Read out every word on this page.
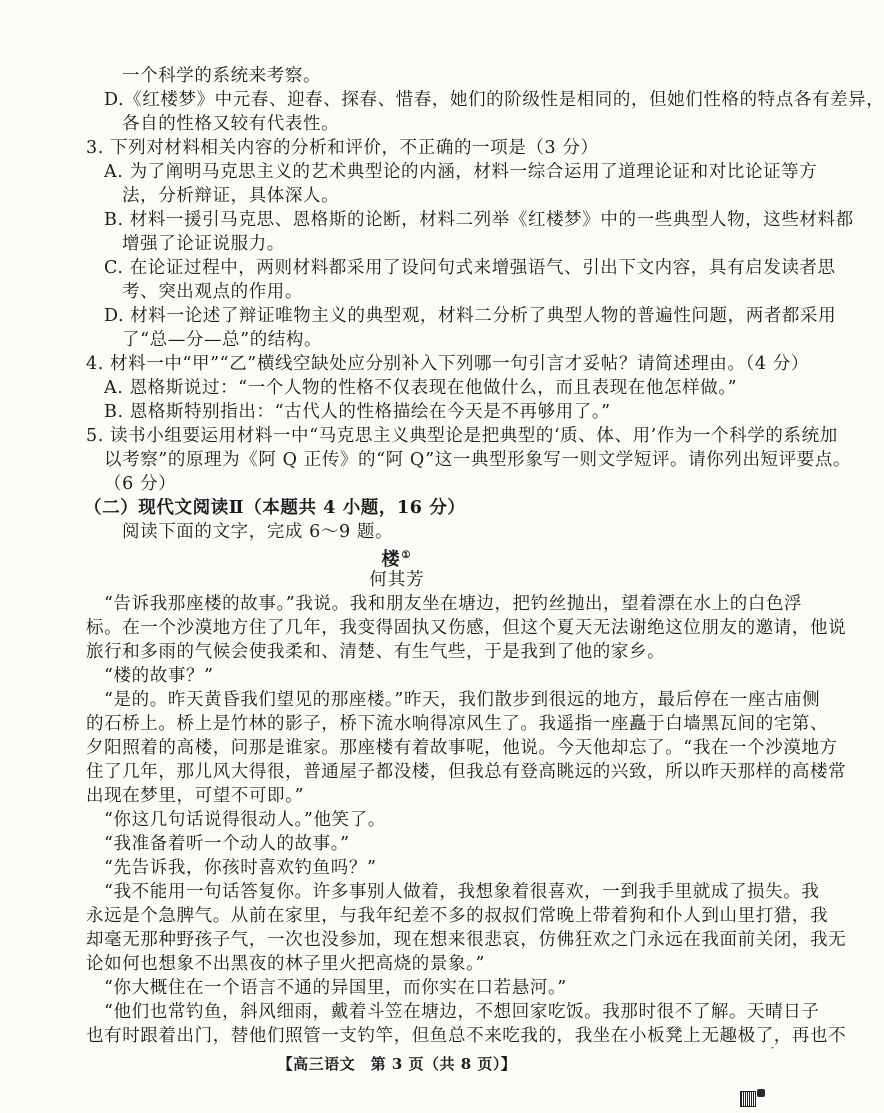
一个科学的系统来考察。
D.《红楼梦》中元春、迎春、探春、惜春，她们的阶级性是相同的，但她们性格的特点各有差异，
各自的性格又较有代表性。
3. 下列对材料相关内容的分析和评价，不正确的一项是（3 分）
A. 为了阐明马克思主义的艺术典型论的内涵，材料一综合运用了道理论证和对比论证等方
法，分析辩证，具体深人。
B. 材料一援引马克思、恩格斯的论断，材料二列举《红楼梦》中的一些典型人物，这些材料都
增强了论证说服力。
C. 在论证过程中，两则材料都采用了设问句式来增强语气、引出下文内容，具有启发读者思
考、突出观点的作用。
D. 材料一论述了辩证唯物主义的典型观，材料二分析了典型人物的普遍性问题，两者都采用
了“总—分—总”的结构。
4. 材料一中“甲”“乙”横线空缺处应分别补入下列哪一句引言才妥帖？请简述理由。（4 分）
A. 恩格斯说过：“一个人物的性格不仅表现在他做什么，而且表现在他怎样做。”
B. 恩格斯特别指出：“古代人的性格描绘在今天是不再够用了。”
5. 读书小组要运用材料一中“马克思主义典型论是把典型的‘质、体、用’作为一个科学的系统加
以考察”的原理为《阿 Q 正传》的“阿 Q”这一典型形象写一则文学短评。请你列出短评要点。
（6 分）
（二）现代文阅读Ⅱ（本题共 4 小题，16 分）
阅读下面的文字，完成 6～9 题。
楼①
何其芳
“告诉我那座楼的故事。”我说。我和朋友坐在塘边，把钓丝抛出，望着漂在水上的白色浮
标。在一个沙漠地方住了几年，我变得固执又伤感，但这个夏天无法谢绝这位朋友的邀请，他说
旅行和多雨的气候会使我柔和、清楚、有生气些，于是我到了他的家乡。
“楼的故事？”
“是的。昨天黄昏我们望见的那座楼。”昨天，我们散步到很远的地方，最后停在一座古庙侧
的石桥上。桥上是竹林的影子，桥下流水响得凉风生了。我遥指一座矗于白墙黑瓦间的宅第、
夕阳照着的高楼，问那是谁家。那座楼有着故事呢，他说。今天他却忘了。“我在一个沙漠地方
住了几年，那儿风大得很，普通屋子都没楼，但我总有登高眺远的兴致，所以昨天那样的高楼常
出现在梦里，可望不可即。”
“你这几句话说得很动人。”他笑了。
“我准备着听一个动人的故事。”
“先告诉我，你孩时喜欢钓鱼吗？”
“我不能用一句话答复你。许多事别人做着，我想象着很喜欢，一到我手里就成了损失。我
永远是个急脾气。从前在家里，与我年纪差不多的叔叔们常晚上带着狗和仆人到山里打猎，我
却毫无那种野孩子气，一次也没参加，现在想来很悲哀，仿佛狂欢之门永远在我面前关闭，我无
论如何也想象不出黑夜的林子里火把高烧的景象。”
“你大概住在一个语言不通的异国里，而你实在口若悬河。”
“他们也常钓鱼，斜风细雨，戴着斗笠在塘边，不想回家吃饭。我那时很不了解。天晴日子
也有时跟着出门，替他们照管一支钓竿，但鱼总不来吃我的，我坐在小板凳上无趣极了，再也不
【高三语文　第 3 页（共 8 页）】
¯
